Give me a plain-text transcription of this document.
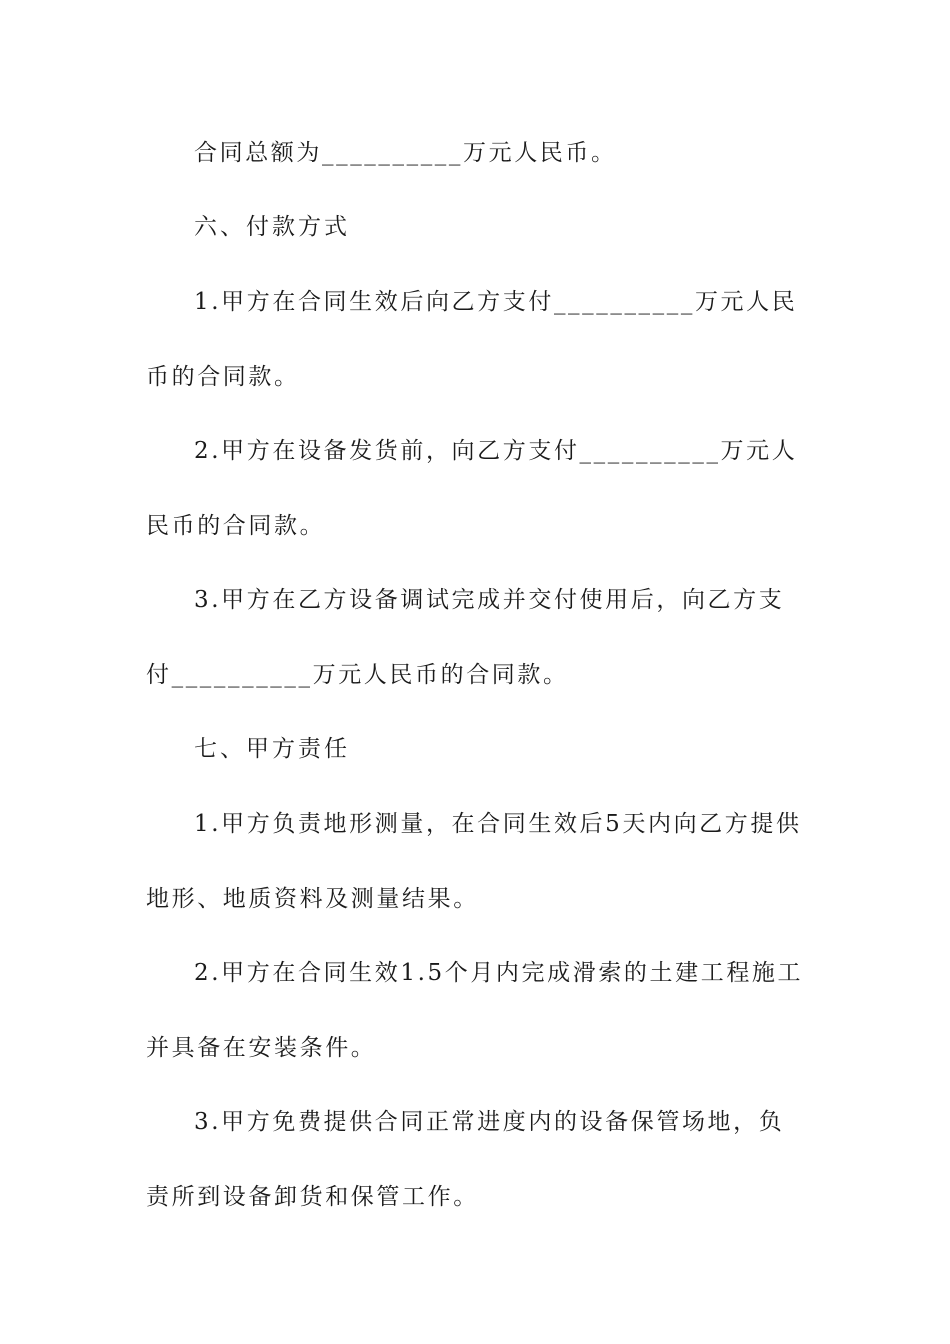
合同总额为__________万元人民币。

六、付款方式

1.甲方在合同生效后向乙方支付__________万元人民币的合同款。

2.甲方在设备发货前，向乙方支付__________万元人民币的合同款。

3.甲方在乙方设备调试完成并交付使用后，向乙方支付__________万元人民币的合同款。

七、甲方责任

1.甲方负责地形测量，在合同生效后5天内向乙方提供地形、地质资料及测量结果。

2.甲方在合同生效1.5个月内完成滑索的土建工程施工并具备在安装条件。

3.甲方免费提供合同正常进度内的设备保管场地，负责所到设备卸货和保管工作。
